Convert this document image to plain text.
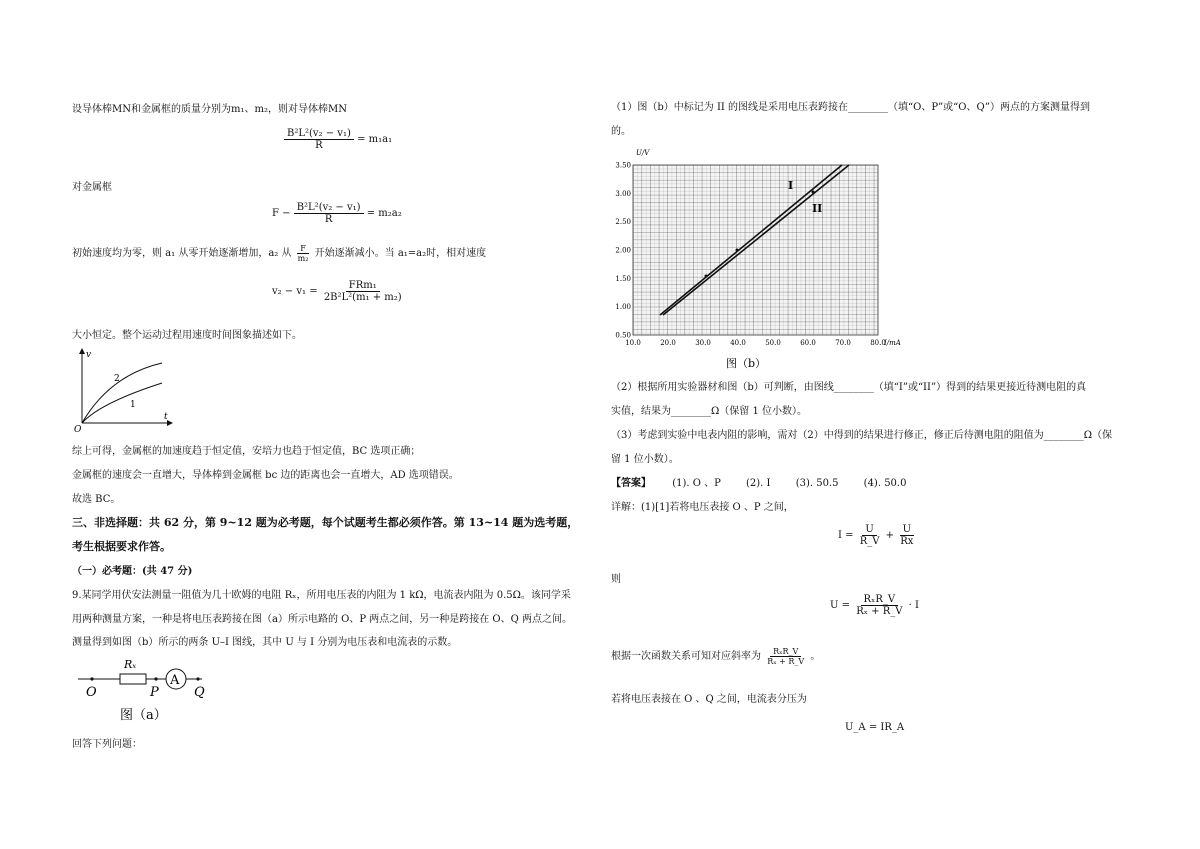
设导体棒MN和金属框的质量分别为m₁、m₂，则对导体棒MN
$\frac{\text{B²L²(v₂ − v₁)}}{R} = m_1a_1$
对金属框
$F - \frac{\text{B²L²(v₂ − v₁)}}{R} = m_2a_2$
初始速度均为零，则 a₁ 从零开始逐渐增加，a₂ 从 $\frac{F}{\text{m₂}}$ 开始逐渐减小。当 a₁=a₂时，相对速度
$v_2 - v_1 = \frac{\text{FRm₁}}{\text{2B²L²(m₁ + m₂)}}$
大小恒定。整个运动过程用速度时间图象描述如下。
v
t
O
1
2
综上可得，金属框的加速度趋于恒定值，安培力也趋于恒定值，BC 选项正确；
金属框的速度会一直增大，导体棒到金属框 bc 边的距离也会一直增大，AD 选项错误。
故选 BC。
三、非选择题：共 62 分，第 9~12 题为必考题，每个试题考生都必须作答。第 13~14 题为选考题，
考生根据要求作答。
（一）必考题：(共 47 分)
9.某同学用伏安法测量一阻值为几十欧姆的电阻 Rₓ，所用电压表的内阻为 1 kΩ，电流表内阻为 0.5Ω。该同学采
用两种测量方案，一种是将电压表跨接在图（a）所示电路的 O、P 两点之间，另一种是跨接在 O、Q 两点之间。
测量得到如图（b）所示的两条 U–I 图线，其中 U 与 I 分别为电压表和电流表的示数。
Rₓ
A
O	P	Q
图（a）
回答下列问题：
（1）图（b）中标记为 II 的图线是采用电压表跨接在________（填“O、P”或“O、Q”）两点的方案测量得到
的。
3.50
3.00
2.50
2.00
1.50
1.00
0.50
10.0	20.0	30.0	40.0	50.0	60.0	70.0	80.0
I
II
U/V
I/mA
图（b）
（2）根据所用实验器材和图（b）可判断，由图线________（填“I”或“II”）得到的结果更接近待测电阻的真
实值，结果为________Ω（保留 1 位小数）。
（3）考虑到实验中电表内阻的影响，需对（2）中得到的结果进行修正，修正后待测电阻的阻值为________Ω（保
留 1 位小数）。
【答案】 (1). O 、P	(2). I	(3). 50.5	(4). 50.0
详解：(1)[1]若将电压表接 O 、P 之间，
$I = \frac{U}{R\_V} + \frac{U}{Rx}$
则
$U = \frac{\text{RₓR\_V}}{\text{Rₓ + R\_V}} \cdot I$
根据一次函数关系可知对应斜率为 $\frac{\text{RₓR\_V}}{\text{Rₓ + R\_V}}$ 。
若将电压表接在 O 、Q 之间，电流表分压为
U_A = IR_A
